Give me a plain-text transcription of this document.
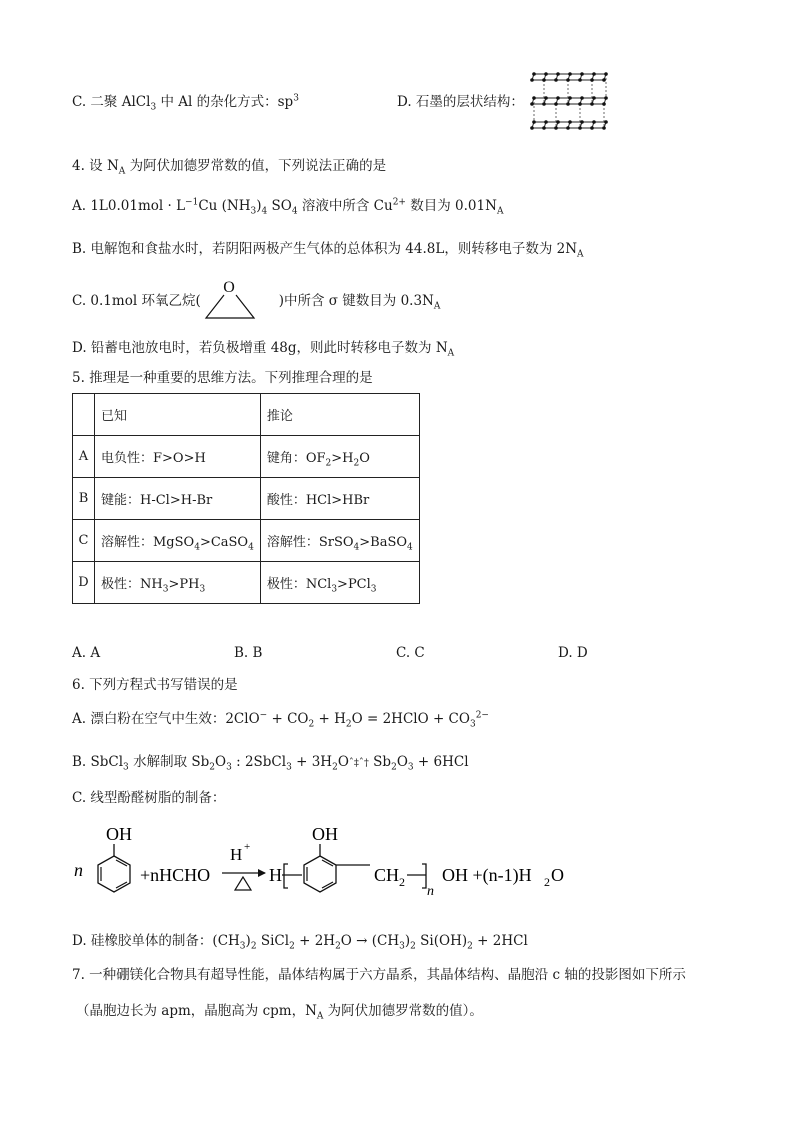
C. 二聚 AlCl$_3$ 中 Al 的杂化方式：$sp^3$	D. 石墨的层状结构：
4. 设 $N_A$ 为阿伏加德罗常数的值，下列说法正确的是
A. $1L0.01mol \cdot L^{-1}Cu$ $(NH_3)_4$ $SO_4$ 溶液中所含 $Cu^{2+}$ 数目为 $0.01N_A$
B. 电解饱和食盐水时，若阴阳两极产生气体的总体积为 44.8L，则转移电子数为 $2N_A$
C. 0.1mol 环氧乙烷(	)中所含 σ 键数目为 $0.3N_A$
O
D. 铅蓄电池放电时，若负极增重 48g，则此时转移电子数为 $N_A$
5. 推理是一种重要的思维方法。下列推理合理的是
	已知	推论
A	电负性：F>O>H	键角：$OF_2>H_2O$
B	键能：H-Cl>H-Br	酸性：HCl>HBr
C	溶解性：MgSO$_4$>CaSO$_4$	溶解性：SrSO$_4$>BaSO$_4$
D	极性：$NH_3>PH_3$	极性：NCl$_3$>PCl$_3$
A. A	B. B	C. C	D. D
6. 下列方程式书写错误的是
A. 漂白粉在空气中生效：$2ClO^- + CO_2 + H_2O$ = 2HClO + $CO_3^{2-}$
B. SbCl$_3$ 水解制取 $Sb_2O_3$ : 2SbCl$_3$ + $3H_2Oˆ\ddagger ˆ\dagger$ $Sb_2O_3 + 6HCl$
C. 线型酚醛树脂的制备：
OH
n	+nHCHO
H +
H
OH
CH 2
n
OH +(n-1)H 2 O
D. 硅橡胶单体的制备：$(CH_3)_2$ SiCl$_2$ + $2H_2O \to (CH_3)_2$ $Si(OH)_2 + 2HCl$
7. 一种硼镁化合物具有超导性能，晶体结构属于六方晶系，其晶体结构、晶胞沿 c 轴的投影图如下所示
（晶胞边长为 apm，晶胞高为 cpm，$N_A$ 为阿伏加德罗常数的值）。
